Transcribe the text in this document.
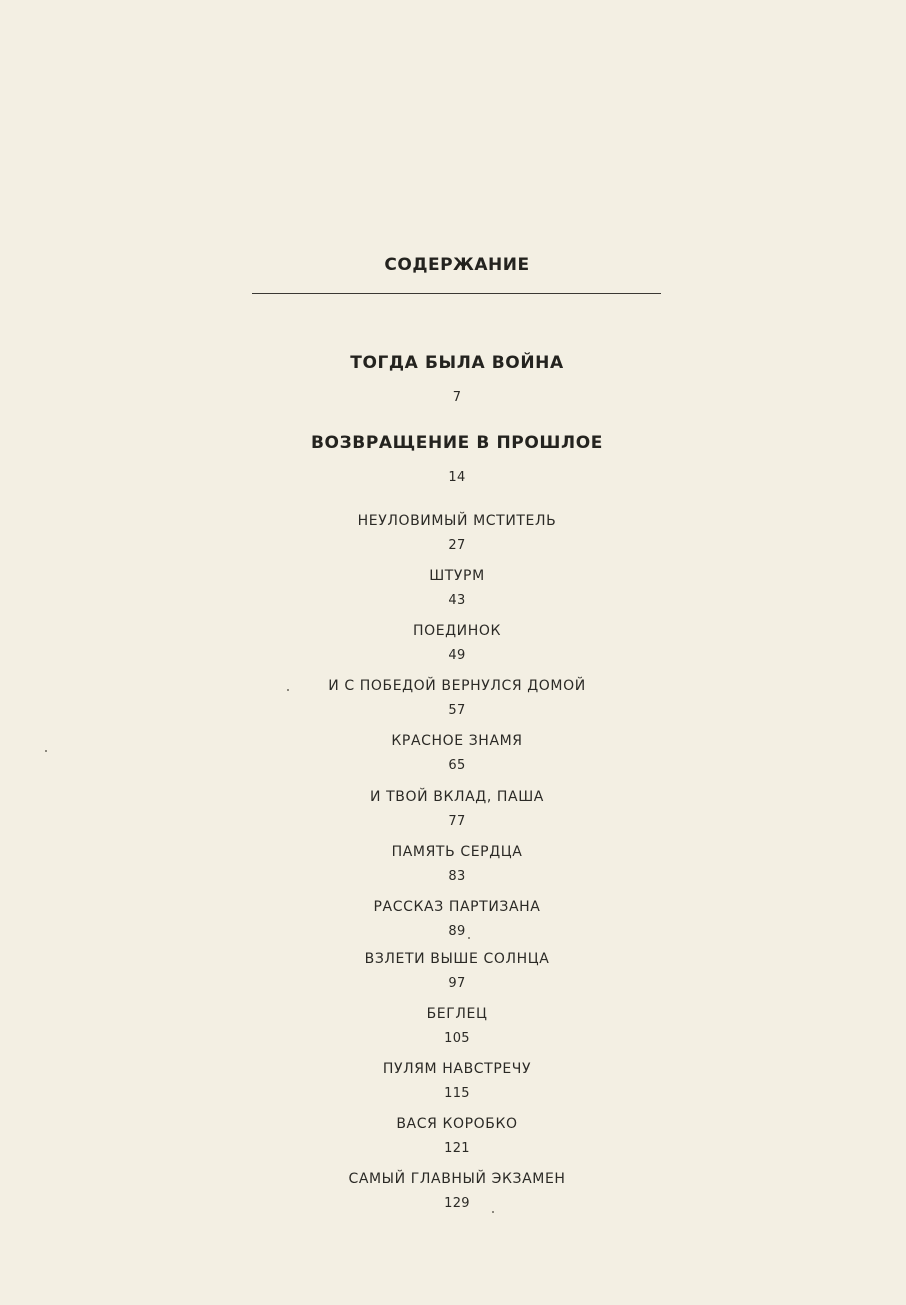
СОДЕРЖАНИЕ
ТОГДА БЫЛА ВОЙНА
7
ВОЗВРАЩЕНИЕ В ПРОШЛОЕ
14
НЕУЛОВИМЫЙ МСТИТЕЛЬ
27
ШТУРМ
43
ПОЕДИНОК
49
И С ПОБЕДОЙ ВЕРНУЛСЯ ДОМОЙ
57
КРАСНОЕ ЗНАМЯ
65
И ТВОЙ ВКЛАД, ПАША
77
ПАМЯТЬ СЕРДЦА
83
РАССКАЗ ПАРТИЗАНА
89
ВЗЛЕТИ ВЫШЕ СОЛНЦА
97
БЕГЛЕЦ
105
ПУЛЯМ НАВСТРЕЧУ
115
ВАСЯ КОРОБКО
121
САМЫЙ ГЛАВНЫЙ ЭКЗАМЕН
129
